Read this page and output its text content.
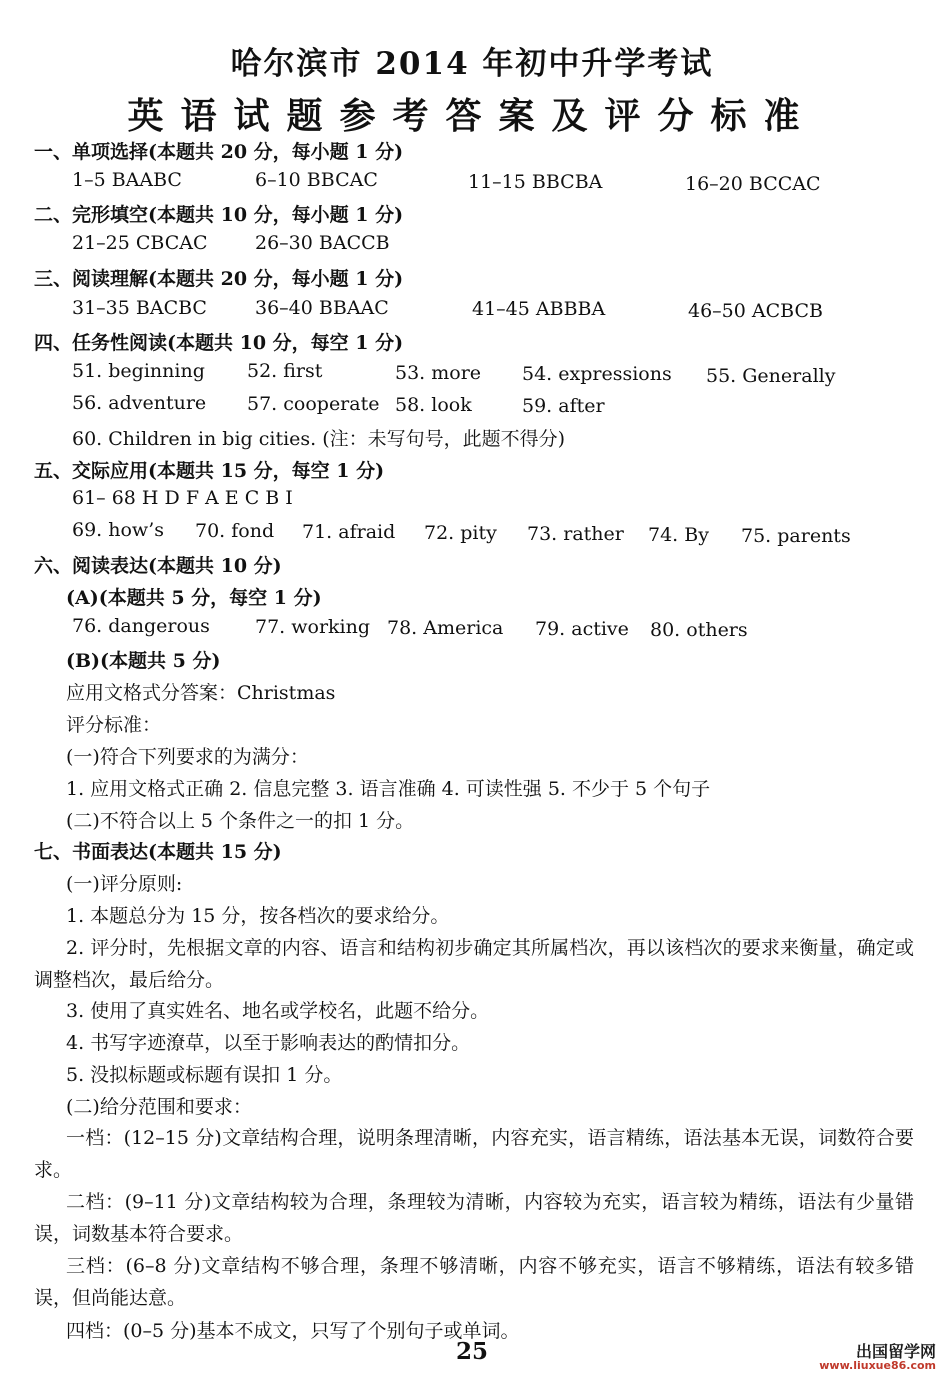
哈尔滨市 2014 年初中升学考试
英语试题参考答案及评分标准
一、单项选择(本题共 20 分，每小题 1 分)
1–5 BAABC	6–10 BBCAC	11–15 BBCBA	16–20 BCCAC
二、完形填空(本题共 10 分，每小题 1 分)
21–25 CBCAC 26–30 BACCB
三、阅读理解(本题共 20 分，每小题 1 分)
31–35 BACBC	36–40 BBAAC	41–45 ABBBA	46–50 ACBCB
四、任务性阅读(本题共 10 分，每空 1 分)
51. beginning 52. first	53. more 54. expressions 55. Generally
56. adventure 57. cooperate 58. look	59. after
60. Children in big cities. (注：未写句号，此题不得分)
五、交际应用(本题共 15 分，每空 1 分)
61– 68 H D F A E C B I
69. how’s 70. fond 71. afraid 72. pity 73. rather 74. By 75. parents
六、阅读表达(本题共 10 分)
(A)(本题共 5 分，每空 1 分)
76. dangerous 77. working 78. America 79. active 80. others
(B)(本题共 5 分)
应用文格式分答案：Christmas
评分标准：
(一)符合下列要求的为满分：
1. 应用文格式正确 2. 信息完整 3. 语言准确 4. 可读性强 5. 不少于 5 个句子
(二)不符合以上 5 个条件之一的扣 1 分。
七、书面表达(本题共 15 分)
(一)评分原则:
1. 本题总分为 15 分，按各档次的要求给分。
2. 评分时，先根据文章的内容、语言和结构初步确定其所属档次，再以该档次的要求来衡量，确定或调整档次，最后给分。
3. 使用了真实姓名、地名或学校名，此题不给分。
4. 书写字迹潦草，以至于影响表达的酌情扣分。
5. 没拟标题或标题有误扣 1 分。
(二)给分范围和要求：
一档：(12–15 分)文章结构合理，说明条理清晰，内容充实，语言精练，语法基本无误，词数符合要求。
二档：(9–11 分)文章结构较为合理，条理较为清晰，内容较为充实，语言较为精练，语法有少量错误，词数基本符合要求。
三档：(6–8 分)文章结构不够合理，条理不够清晰，内容不够充实，语言不够精练，语法有较多错误，但尚能达意。
四档：(0–5 分)基本不成文，只写了个别句子或单词。
25	出国留学网
www.liuxue86.com
